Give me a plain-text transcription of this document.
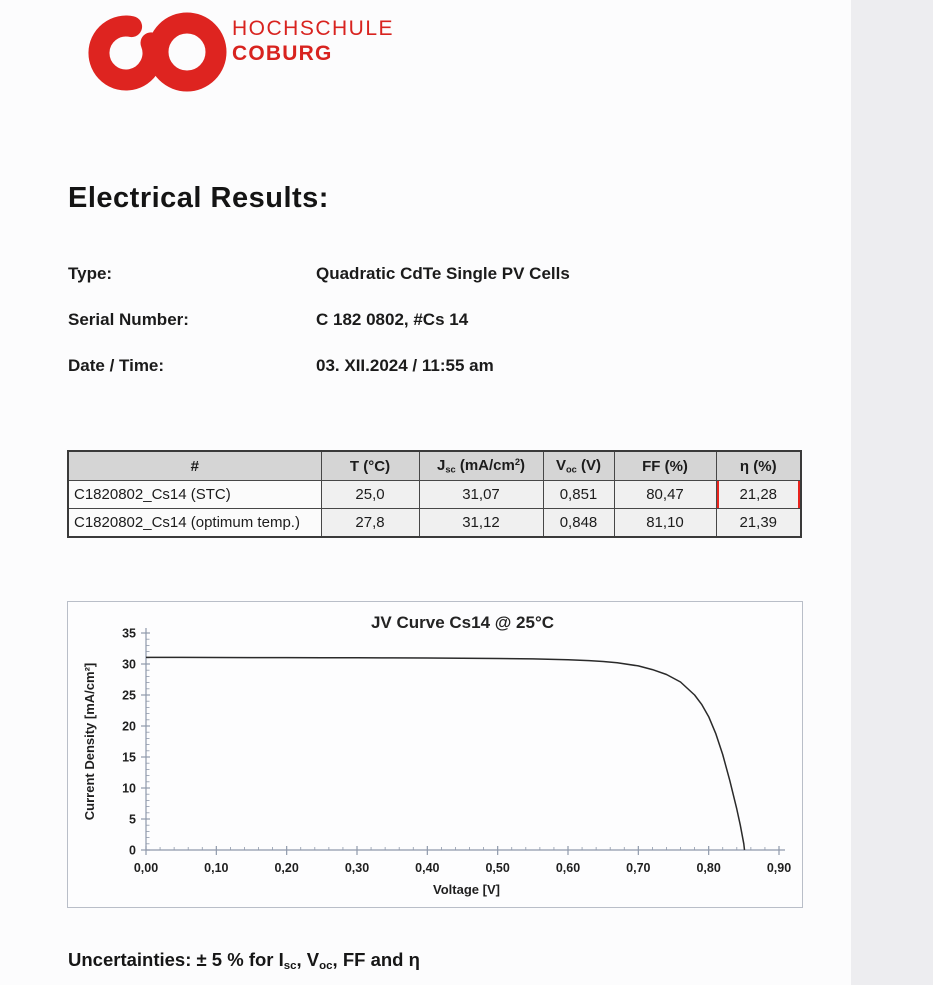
HOCHSCHULE
COBURG
Electrical Results:
Type:	Quadratic CdTe Single PV Cells
Serial Number:	C 182 0802, #Cs 14
Date / Time:	03. XII.2024 / 11:55 am
#	T (°C)	$J_{sc}$ $(mA/cm^2)$	$V_{oc}$ (V)	FF (%)	η (%)
C1820802_Cs14 (STC)	25,0	31,07	0,851	80,47	21,28

C1820802_Cs14 (optimum temp.)	27,8	31,12	0,848	81,10	21,39
0,00	0,10	0,20	0,30	0,40	0,50	0,60	0,70	0,80	0,90
0
5
10
15
20
25
30
35
JV Curve Cs14 @ 25°C
Voltage [V]
Current Density [mA/cm²]
Uncertainties: ± 5 % for $I_{sc}$, $V_{oc}$, FF and η
